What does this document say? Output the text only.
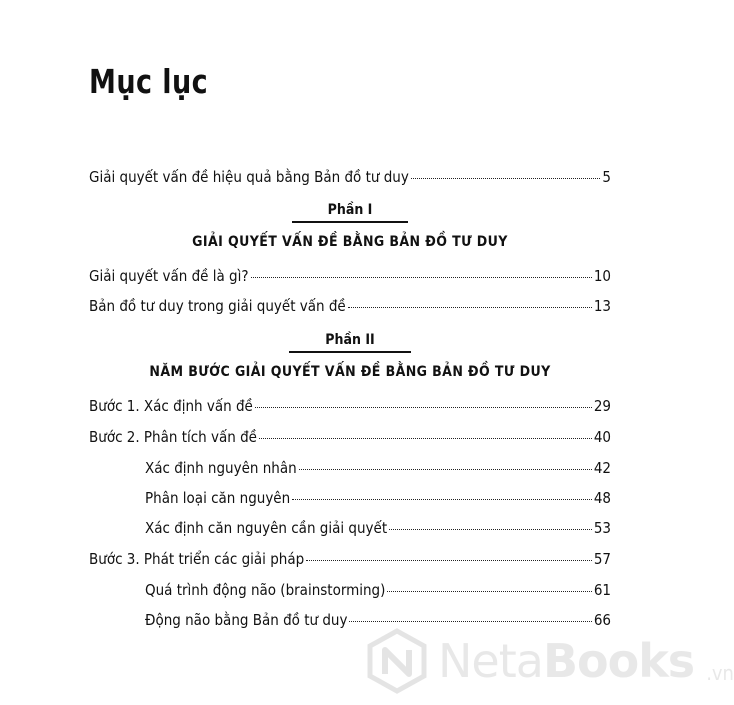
Mục lục
Giải quyết vấn đề hiệu quả bằng Bản đồ tư duy	5
Phần I
GIẢI QUYẾT VẤN ĐỀ BẰNG BẢN ĐỒ TƯ DUY
Giải quyết vấn đề là gì?	10
Bản đồ tư duy trong giải quyết vấn đề	13
Phần II
NĂM BƯỚC GIẢI QUYẾT VẤN ĐỀ BẰNG BẢN ĐỒ TƯ DUY
Bước 1. Xác định vấn đề	29
Bước 2. Phân tích vấn đề	40
Xác định nguyên nhân	42
Phân loại căn nguyên	48
Xác định căn nguyên cần giải quyết	53
Bước 3. Phát triển các giải pháp	57
Quá trình động não (brainstorming)	61
Động não bằng Bản đồ tư duy	66
NetaBooks .vn
